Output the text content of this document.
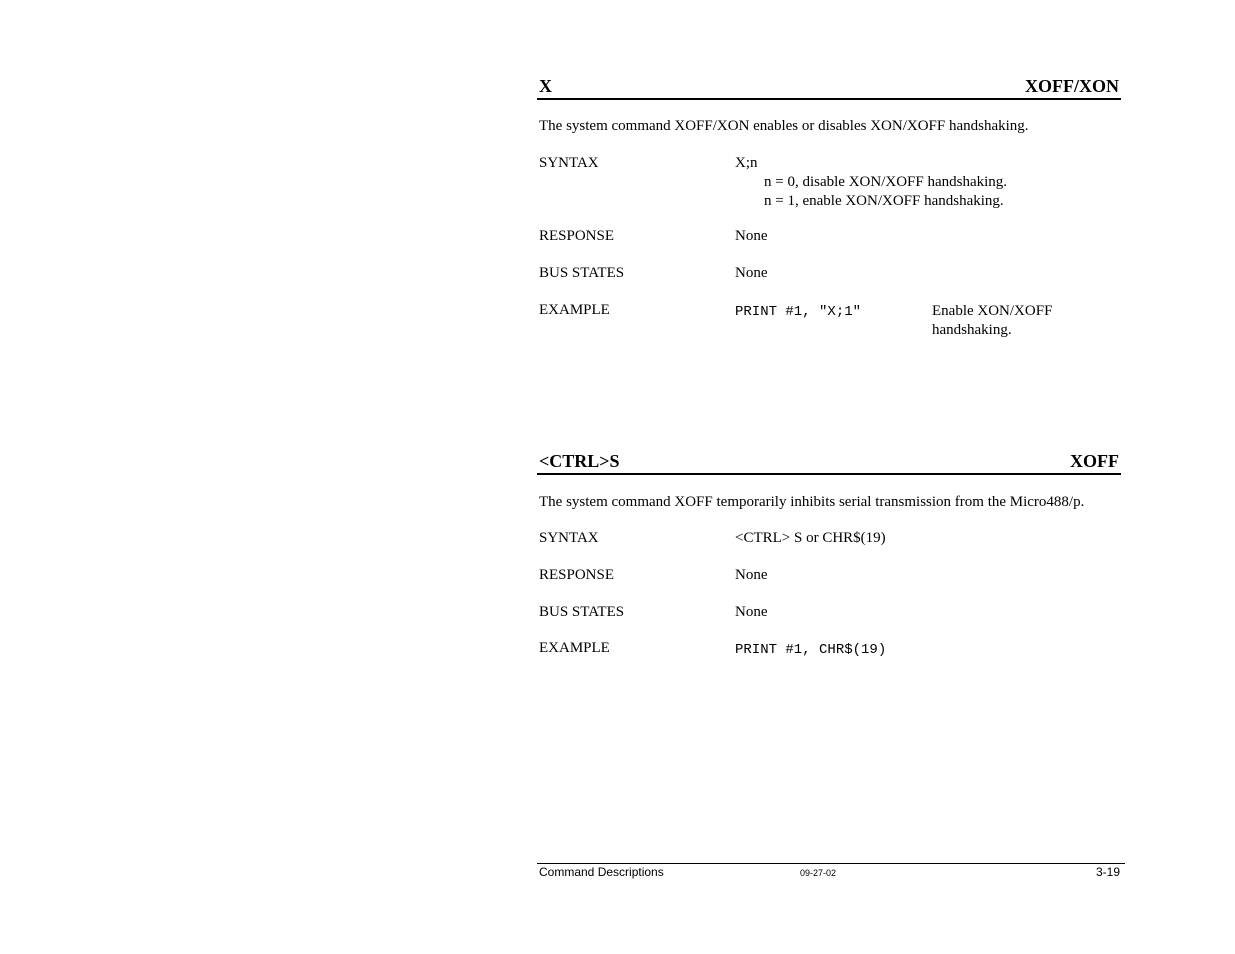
X	XOFF/XON
The system command XOFF/XON enables or disables XON/XOFF handshaking.
SYNTAX	X;n
n = 0, disable XON/XOFF handshaking.
n = 1, enable XON/XOFF handshaking.
RESPONSE	None
BUS STATES	None
EXAMPLE	PRINT #1, "X;1"	Enable XON/XOFF
handshaking.
<CTRL>S	XOFF
The system command XOFF temporarily inhibits serial transmission from the Micro488/p.
SYNTAX	<CTRL> S or CHR$(19)
RESPONSE	None
BUS STATES	None
EXAMPLE	PRINT #1, CHR$(19)
Command Descriptions	09-27-02	3-19
